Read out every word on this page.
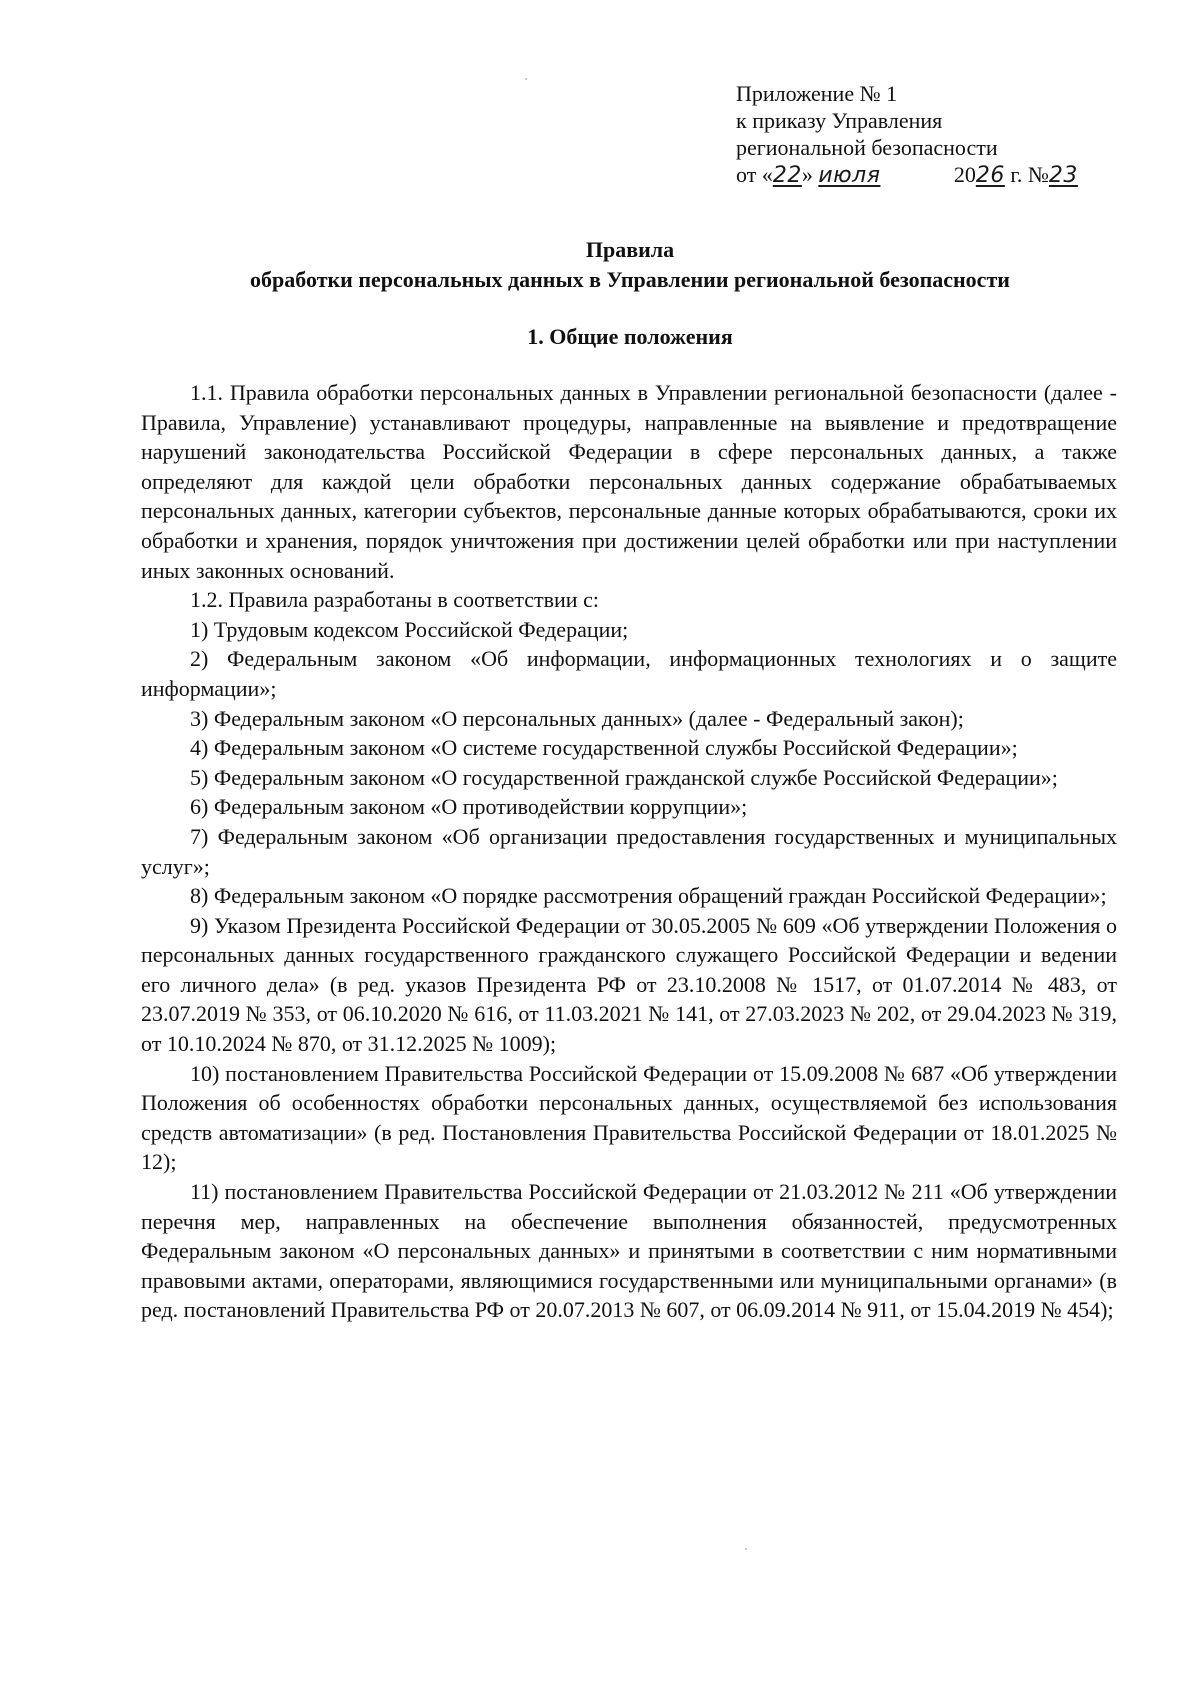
Приложение № 1
к приказу Управления
региональной безопасности
от «22» июля	2026 г. №23
Правила
обработки персональных данных в Управлении региональной безопасности
1. Общие положения

1.1. Правила обработки персональных данных в Управлении региональной безопасности (далее - Правила, Управление) устанавливают процедуры, направленные на выявление и предотвращение нарушений законодательства Российской Федерации в сфере персональных данных, а также определяют для каждой цели обработки персональных данных содержание обрабатываемых персональных данных, категории субъектов, персональные данные которых обрабатываются, сроки их обработки и хранения, порядок уничтожения при достижении целей обработки или при наступлении иных законных оснований.

1.2. Правила разработаны в соответствии с:

1) Трудовым кодексом Российской Федерации;

2) Федеральным законом «Об информации, информационных технологиях и о защите информации»;

3) Федеральным законом «О персональных данных» (далее - Федеральный закон);

4) Федеральным законом «О системе государственной службы Российской Федерации»;

5) Федеральным законом «О государственной гражданской службе Российской Федерации»;

6) Федеральным законом «О противодействии коррупции»;

7) Федеральным законом «Об организации предоставления государственных и муниципальных услуг»;

8) Федеральным законом «О порядке рассмотрения обращений граждан Российской Федерации»;

9) Указом Президента Российской Федерации от 30.05.2005 № 609 «Об утверждении Положения о персональных данных государственного гражданского служащего Российской Федерации и ведении его личного дела» (в ред. указов Президента РФ от 23.10.2008 № 1517, от 01.07.2014 № 483, от 23.07.2019 № 353, от 06.10.2020 № 616, от 11.03.2021 № 141, от 27.03.2023 № 202, от 29.04.2023 № 319, от 10.10.2024 № 870, от 31.12.2025 № 1009);

10) постановлением Правительства Российской Федерации от 15.09.2008 № 687 «Об утверждении Положения об особенностях обработки персональных данных, осуществляемой без использования средств автоматизации» (в ред. Постановления Правительства Российской Федерации от 18.01.2025 № 12);

11) постановлением Правительства Российской Федерации от 21.03.2012 № 211 «Об утверждении перечня мер, направленных на обеспечение выполнения обязанностей, предусмотренных Федеральным законом «О персональных данных» и принятыми в соответствии с ним нормативными правовыми актами, операторами, являющимися государственными или муниципальными органами» (в ред. постановлений Правительства РФ от 20.07.2013 № 607, от 06.09.2014 № 911, от 15.04.2019 № 454);
